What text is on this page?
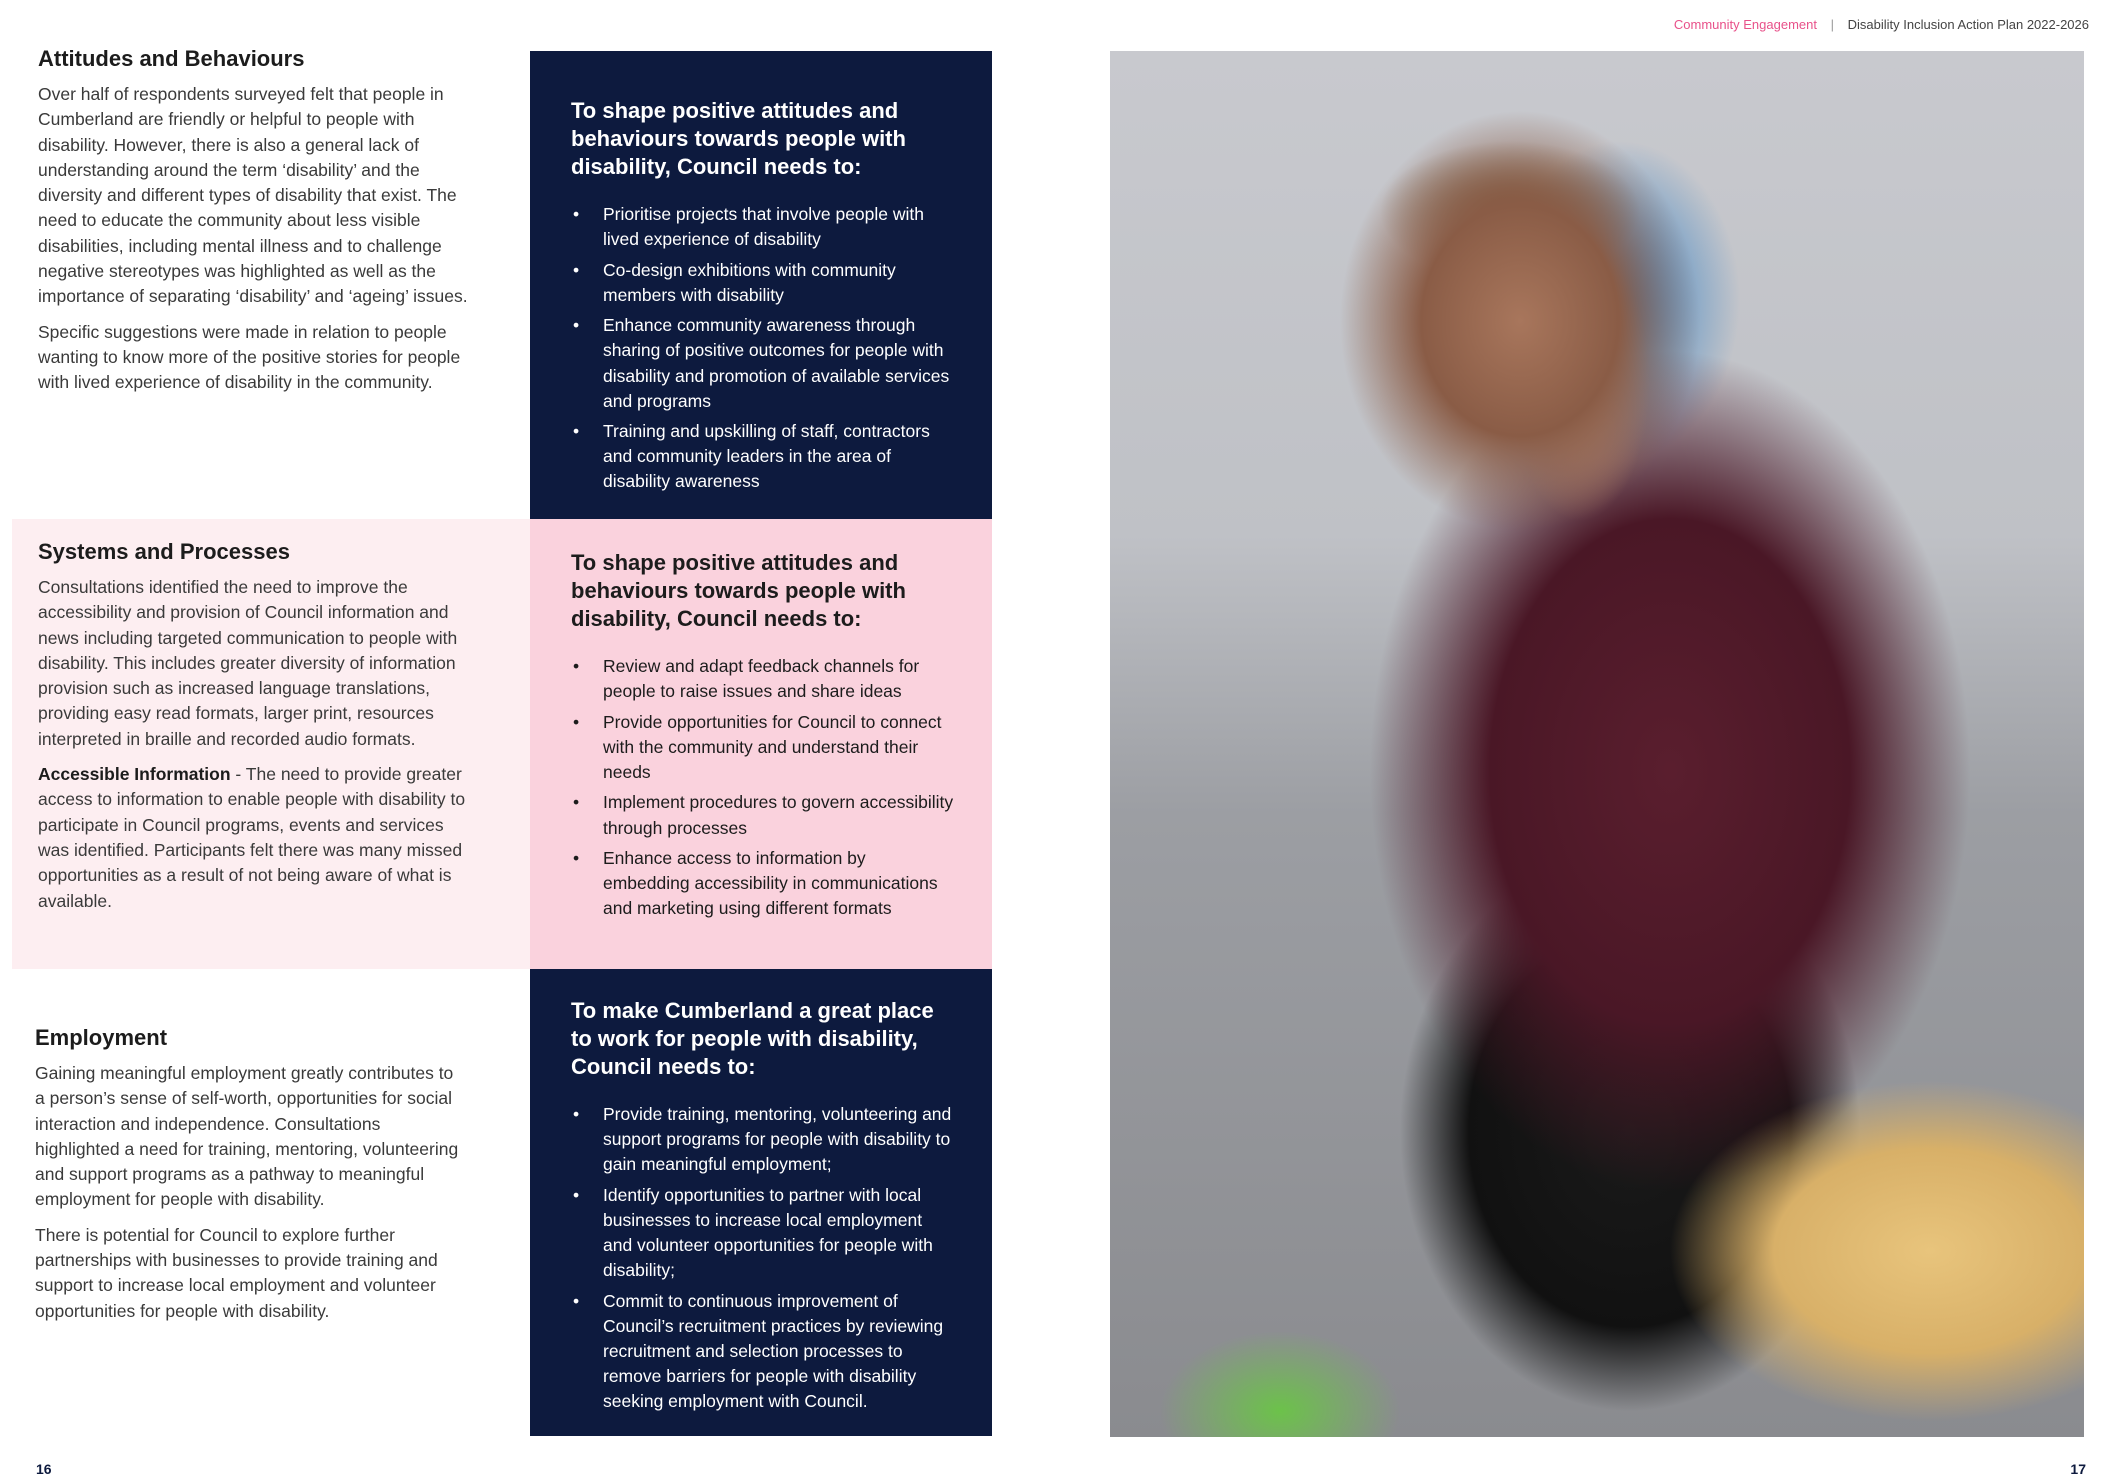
Community Engagement | Disability Inclusion Action Plan 2022-2026
Attitudes and Behaviours

Over half of respondents surveyed felt that people in Cumberland are friendly or helpful to people with disability. However, there is also a general lack of understanding around the term ‘disability’ and the diversity and different types of disability that exist. The need to educate the community about less visible disabilities, including mental illness and to challenge negative stereotypes was highlighted as well as the importance of separating ‘disability’ and ‘ageing’ issues.

Specific suggestions were made in relation to people wanting to know more of the positive stories for people with lived experience of disability in the community.

Systems and Processes

Consultations identified the need to improve the accessibility and provision of Council information and news including targeted communication to people with disability. This includes greater diversity of information provision such as increased language translations, providing easy read formats, larger print, resources interpreted in braille and recorded audio formats.

Accessible Information - The need to provide greater access to information to enable people with disability to participate in Council programs, events and services was identified. Participants felt there was many missed opportunities as a result of not being aware of what is available.

Employment

Gaining meaningful employment greatly contributes to a person’s sense of self-worth, opportunities for social interaction and independence. Consultations highlighted a need for training, mentoring, volunteering and support programs as a pathway to meaningful employment for people with disability.

There is potential for Council to explore further partnerships with businesses to provide training and support to increase local employment and volunteer opportunities for people with disability.

To shape positive attitudes and behaviours towards people with disability, Council needs to:
• Prioritise projects that involve people with lived experience of disability
• Co-design exhibitions with community members with disability
• Enhance community awareness through sharing of positive outcomes for people with disability and promotion of available services and programs
• Training and upskilling of staff, contractors and community leaders in the area of disability awareness
To shape positive attitudes and behaviours towards people with disability, Council needs to:
• Review and adapt feedback channels for people to raise issues and share ideas
• Provide opportunities for Council to connect with the community and understand their needs
• Implement procedures to govern accessibility through processes
• Enhance access to information by embedding accessibility in communications and marketing using different formats
To make Cumberland a great place to work for people with disability, Council needs to:
• Provide training, mentoring, volunteering and support programs for people with disability to gain meaningful employment;
• Identify opportunities to partner with local businesses to increase local employment and volunteer opportunities for people with disability;
• Commit to continuous improvement of Council’s recruitment practices by reviewing recruitment and selection processes to remove barriers for people with disability seeking employment with Council.
16	17
